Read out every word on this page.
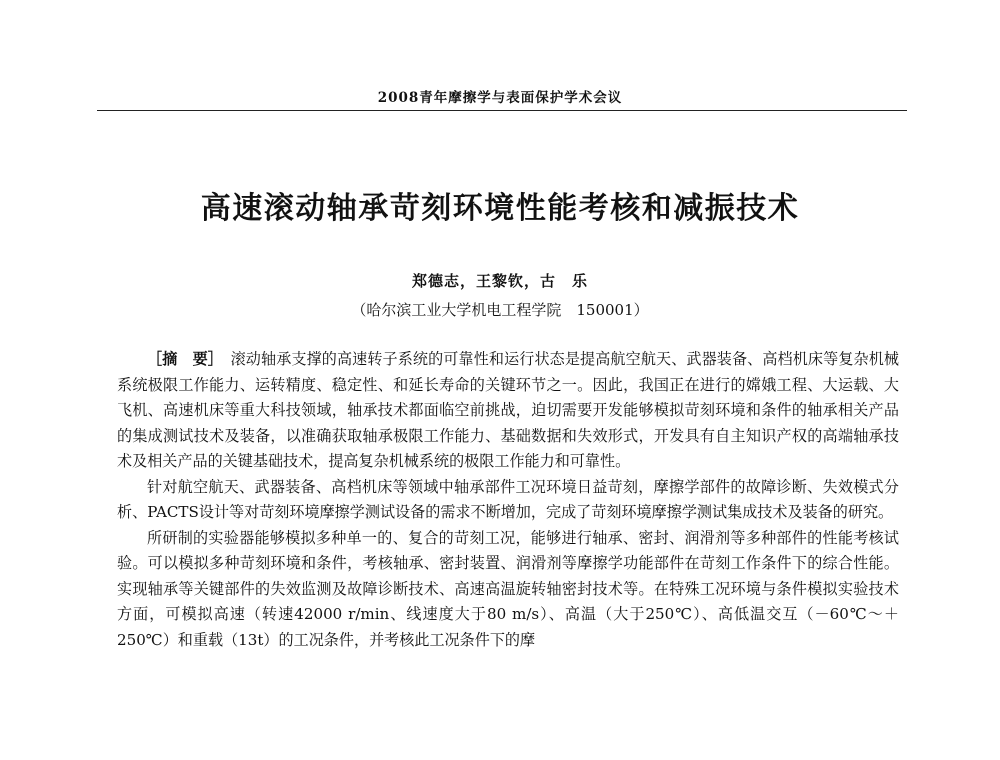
2008青年摩擦学与表面保护学术会议
高速滚动轴承苛刻环境性能考核和减振技术
郑德志，王黎钦，古　乐
（哈尔滨工业大学机电工程学院　150001）

［摘　要］　滚动轴承支撑的高速转子系统的可靠性和运行状态是提高航空航天、武器装备、高档机床等复杂机械系统极限工作能力、运转精度、稳定性、和延长寿命的关键环节之一。因此，我国正在进行的嫦娥工程、大运载、大飞机、高速机床等重大科技领域，轴承技术都面临空前挑战，迫切需要开发能够模拟苛刻环境和条件的轴承相关产品的集成测试技术及装备，以准确获取轴承极限工作能力、基础数据和失效形式，开发具有自主知识产权的高端轴承技术及相关产品的关键基础技术，提高复杂机械系统的极限工作能力和可靠性。

针对航空航天、武器装备、高档机床等领域中轴承部件工况环境日益苛刻，摩擦学部件的故障诊断、失效模式分析、PACTS设计等对苛刻环境摩擦学测试设备的需求不断增加，完成了苛刻环境摩擦学测试集成技术及装备的研究。

所研制的实验器能够模拟多种单一的、复合的苛刻工况，能够进行轴承、密封、润滑剂等多种部件的性能考核试验。可以模拟多种苛刻环境和条件，考核轴承、密封装置、润滑剂等摩擦学功能部件在苛刻工作条件下的综合性能。实现轴承等关键部件的失效监测及故障诊断技术、高速高温旋转轴密封技术等。在特殊工况环境与条件模拟实验技术方面，可模拟高速（转速42000 r/min、线速度大于80 m/s）、高温（大于250℃）、高低温交互（－60℃～＋250℃）和重载（13t）的工况条件，并考核此工况条件下的摩
